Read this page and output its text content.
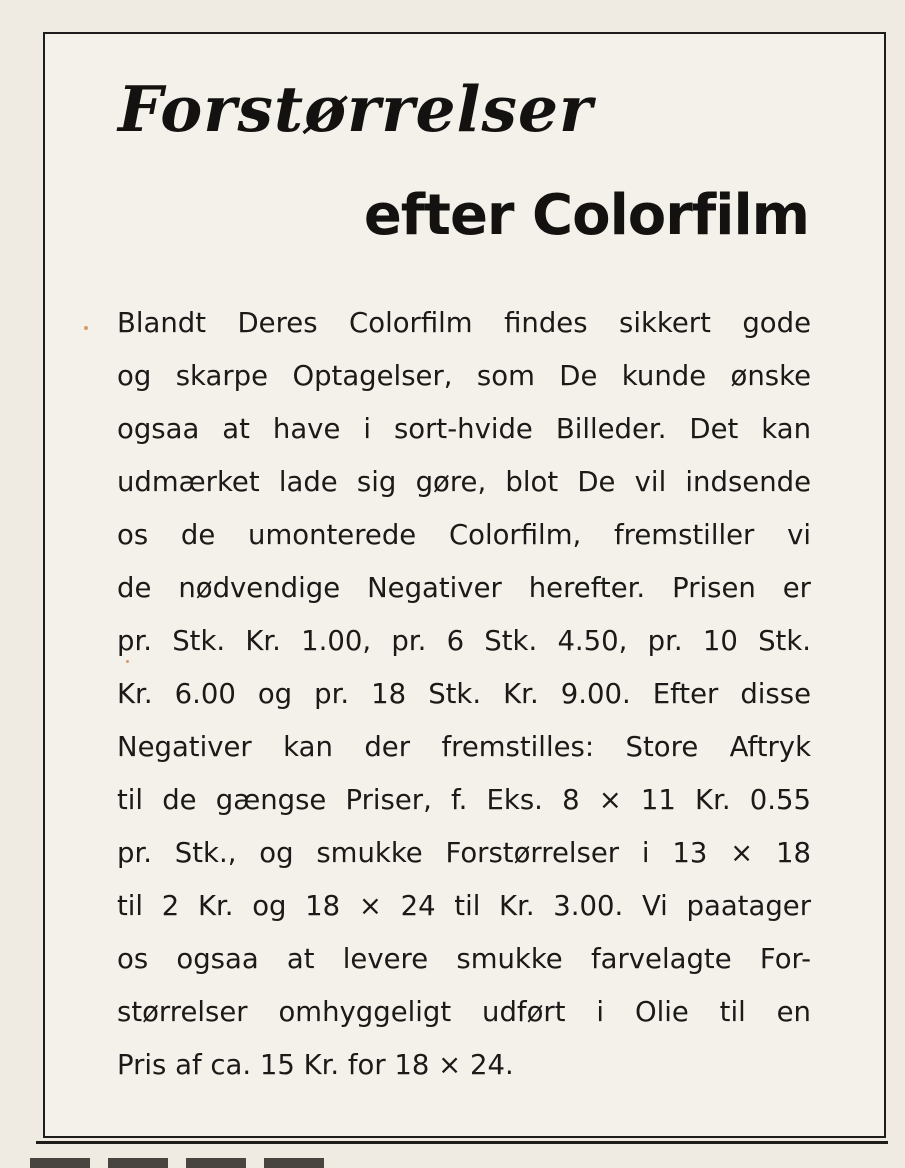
Forstørrelser
efter Colorfilm
Blandt Deres Colorfilm findes sikkert gode
og skarpe Optagelser, som De kunde ønske
ogsaa at have i sort-hvide Billeder. Det kan
udmærket lade sig gøre, blot De vil indsende
os de umonterede Colorfilm, fremstiller vi
de nødvendige Negativer herefter. Prisen er
pr. Stk. Kr. 1.00, pr. 6 Stk. 4.50, pr. 10 Stk.
Kr. 6.00 og pr. 18 Stk. Kr. 9.00. Efter disse
Negativer kan der fremstilles: Store Aftryk
til de gængse Priser, f. Eks. 8 × 11 Kr. 0.55
pr. Stk., og smukke Forstørrelser i 13 × 18
til 2 Kr. og 18 × 24 til Kr. 3.00. Vi paatager
os ogsaa at levere smukke farvelagte For-
størrelser omhyggeligt udført i Olie til en
Pris af ca. 15 Kr. for 18 × 24.
